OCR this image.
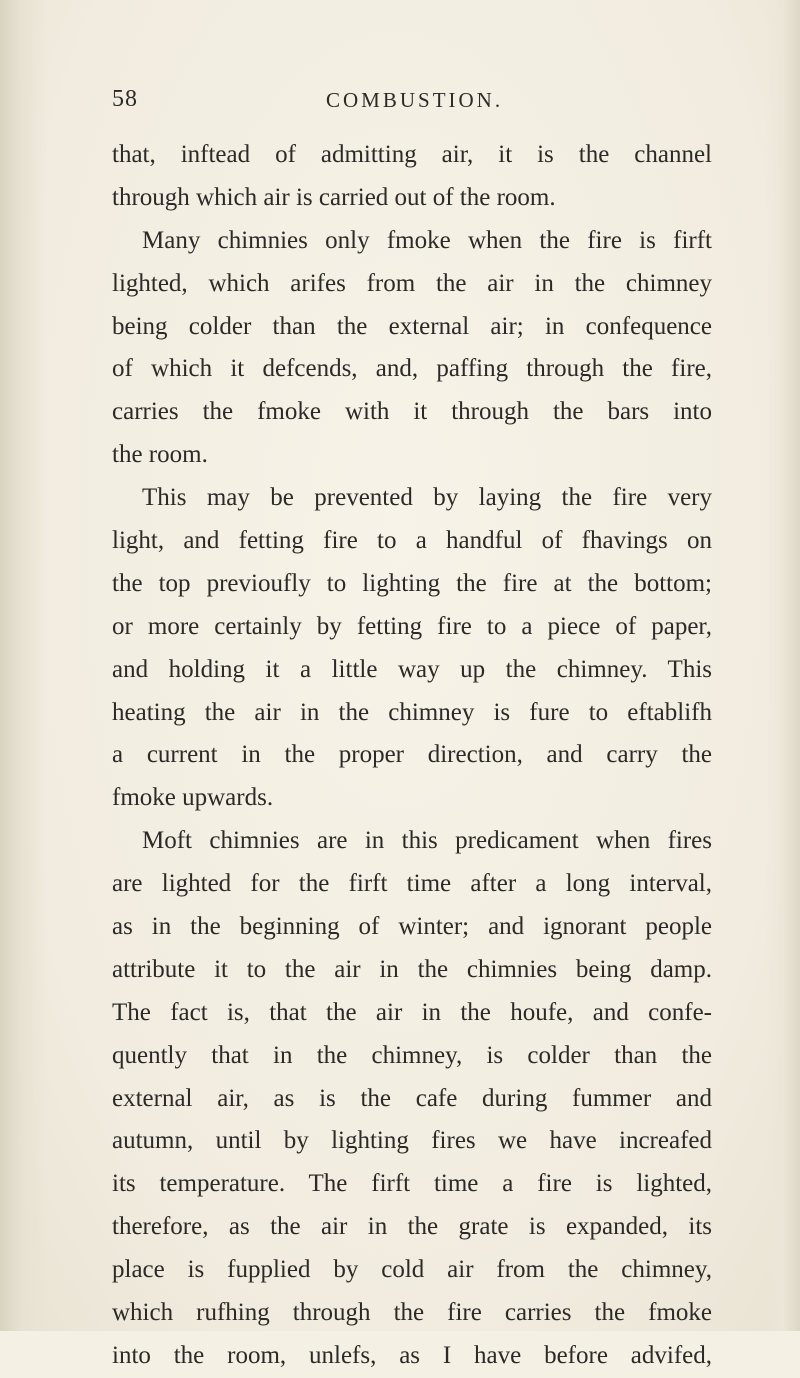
58	COMBUSTION.
that, inftead of admitting air, it is the channel
through which air is carried out of the room.
Many chimnies only fmoke when the fire is firft
lighted, which arifes from the air in the chimney
being colder than the external air; in confequence
of which it defcends, and, paffing through the fire,
carries the fmoke with it through the bars into
the room.
This may be prevented by laying the fire very
light, and fetting fire to a handful of fhavings on
the top previoufly to lighting the fire at the bottom;
or more certainly by fetting fire to a piece of paper,
and holding it a little way up the chimney. This
heating the air in the chimney is fure to eftablifh
a current in the proper direction, and carry the
fmoke upwards.
Moft chimnies are in this predicament when fires
are lighted for the firft time after a long interval,
as in the beginning of winter; and ignorant people
attribute it to the air in the chimnies being damp.
The fact is, that the air in the houfe, and confe-
quently that in the chimney, is colder than the
external air, as is the cafe during fummer and
autumn, until by lighting fires we have increafed
its temperature. The firft time a fire is lighted,
therefore, as the air in the grate is expanded, its
place is fupplied by cold air from the chimney,
which rufhing through the fire carries the fmoke
into the room, unlefs, as I have before advifed,
